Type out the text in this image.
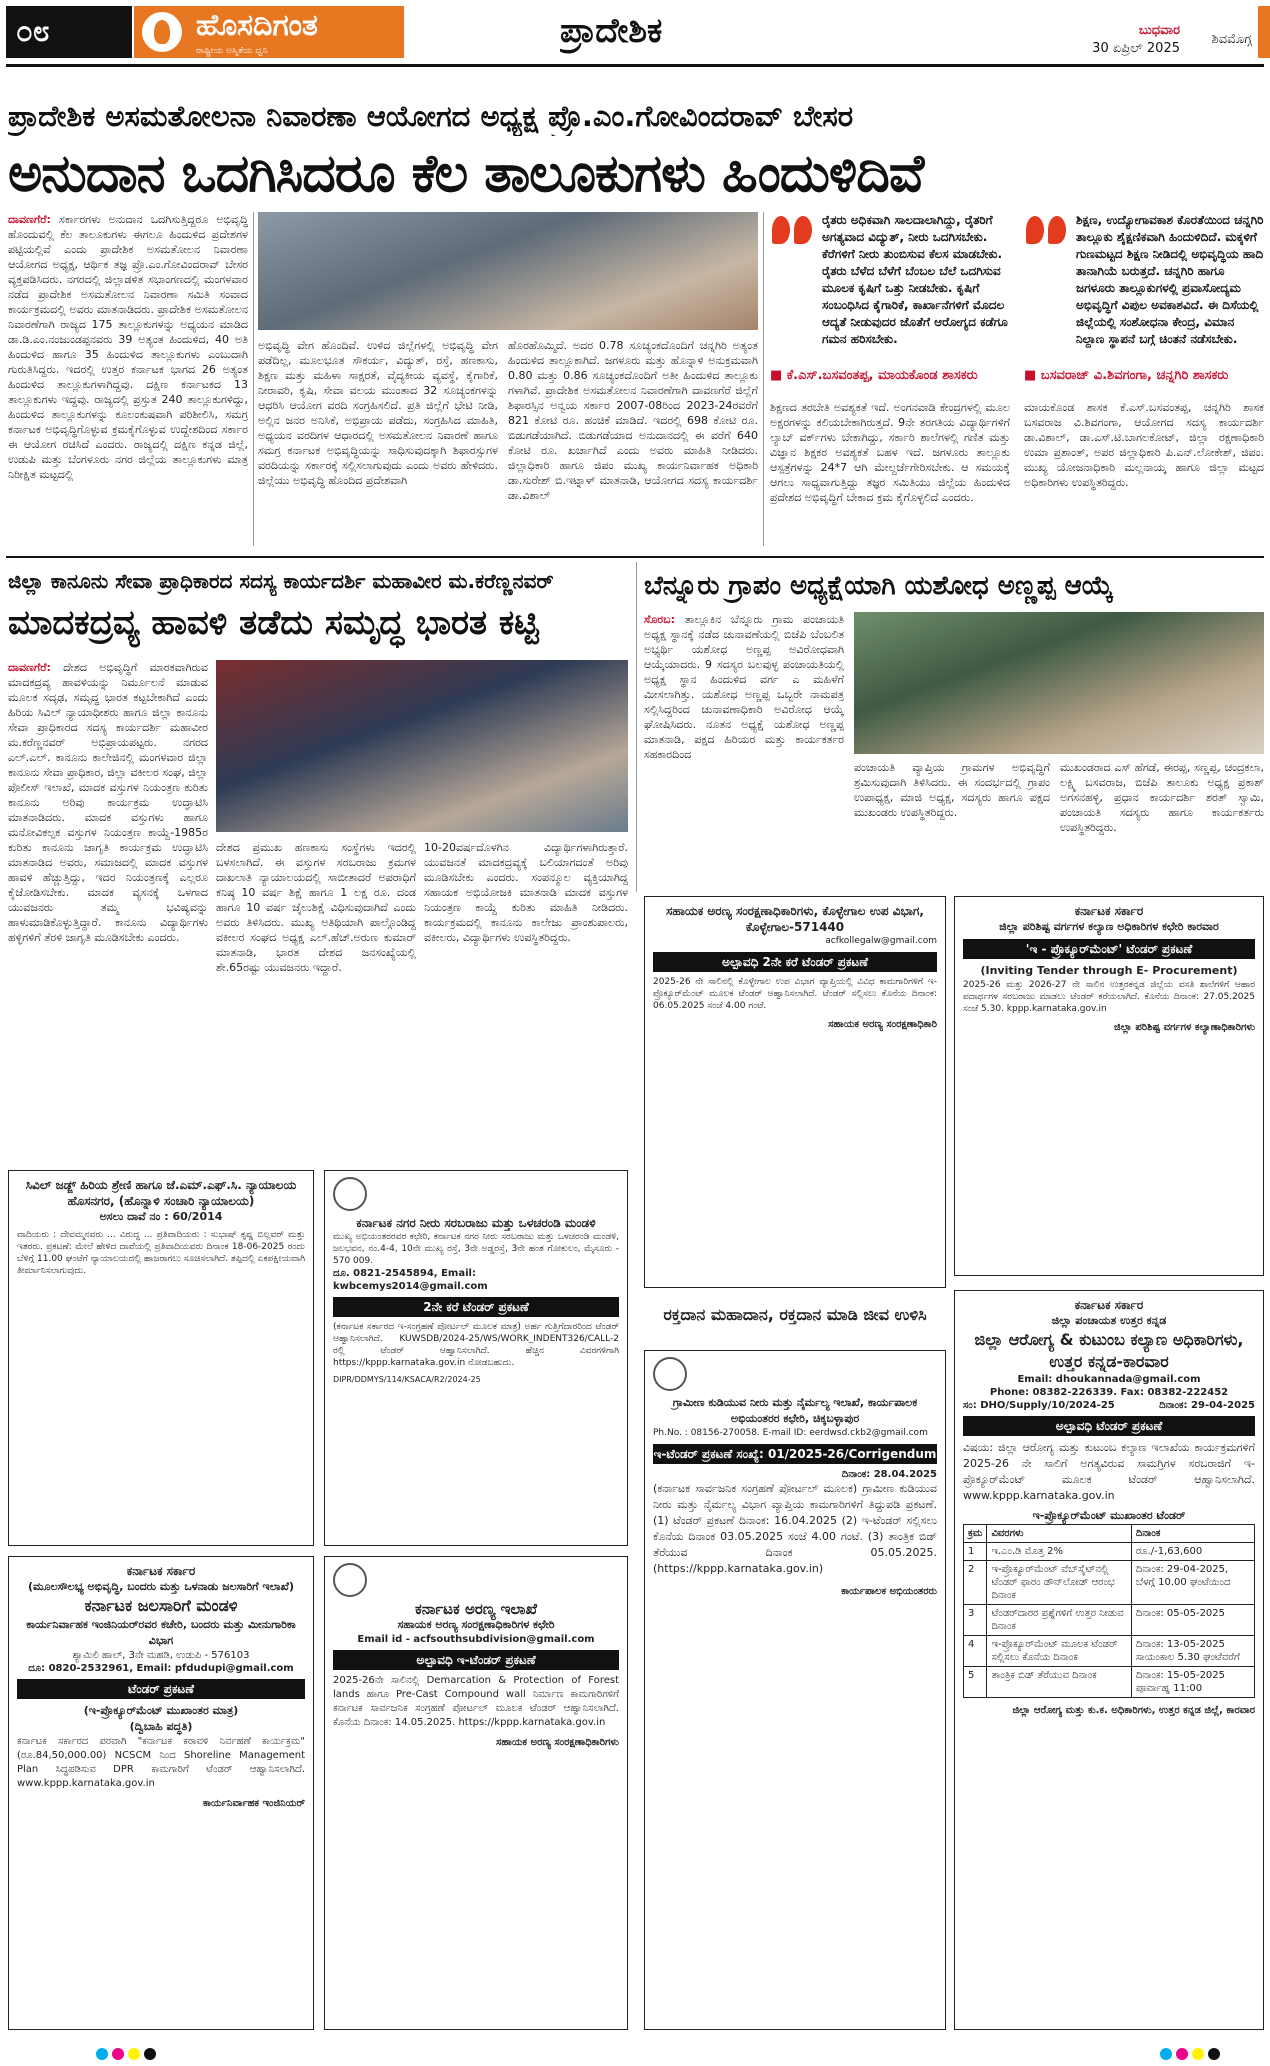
೦೮	ಹೊಸದಿಗಂತ
ರಾಷ್ಟ್ರೀಯ ಅಸ್ಮಿತೆಯ ಧ್ವನಿ	ಪ್ರಾದೇಶಿಕ	ಬುಧವಾರ
30 ಏಪ್ರಿಲ್ 2025
ಶಿವಮೊಗ್ಗ
ಪ್ರಾದೇಶಿಕ ಅಸಮತೋಲನಾ ನಿವಾರಣಾ ಆಯೋಗದ ಅಧ್ಯಕ್ಷ ಪ್ರೊ.ಎಂ.ಗೋವಿಂದರಾವ್ ಬೇಸರ
ಅನುದಾನ ಒದಗಿಸಿದರೂ ಕೆಲ ತಾಲೂಕುಗಳು ಹಿಂದುಳಿದಿವೆ
ದಾವಣಗೆರೆ: ಸರ್ಕಾರಗಳು ಅನುದಾನ ಒದಗಿಸುತ್ತಿದ್ದರೂ ಅಭಿವೃದ್ಧಿ ಹೊಂದುವಲ್ಲಿ ಕೆಲ ತಾಲೂಕುಗಳು ಈಗಲೂ ಹಿಂದುಳಿದ ಪ್ರದೇಶಗಳ ಪಟ್ಟಿಯಲ್ಲಿವೆ ಎಂದು ಪ್ರಾದೇಶಿಕ ಅಸಮತೋಲನ ನಿವಾರಣಾ ಆಯೋಗದ ಅಧ್ಯಕ್ಷ, ಆರ್ಥಿಕ ತಜ್ಞ ಪ್ರೊ.ಎಂ.ಗೋವಿಂದರಾವ್ ಬೇಸರ ವ್ಯಕ್ತಪಡಿಸಿದರು. ನಗರದಲ್ಲಿ ಜಿಲ್ಲಾಡಳಿತ ಸಭಾಂಗಣದಲ್ಲಿ ಮಂಗಳವಾರ ನಡೆದ ಪ್ರಾದೇಶಿಕ ಅಸಮತೋಲನ ನಿವಾರಣಾ ಸಮಿತಿ ಸಂವಾದ ಕಾರ್ಯಕ್ರಮದಲ್ಲಿ ಅವರು ಮಾತನಾಡಿದರು. ಪ್ರಾದೇಶಿಕ ಅಸಮತೋಲನ ನಿವಾರಣೆಗಾಗಿ ರಾಜ್ಯದ 175 ತಾಲ್ಲೂಕುಗಳನ್ನು ಅಧ್ಯಯನ ಮಾಡಿದ ಡಾ.ಡಿ.ಎಂ.ನಂಜುಂಡಪ್ಪನವರು 39 ಅತ್ಯಂತ ಹಿಂದುಳಿದ, 40 ಅತಿ ಹಿಂದುಳಿದ ಹಾಗೂ 35 ಹಿಂದುಳಿದ ತಾಲ್ಲೂಕುಗಳು ಎಂಬುದಾಗಿ ಗುರುತಿಸಿದ್ದರು. ಇದರಲ್ಲಿ ಉತ್ತರ ಕರ್ನಾಟಕ ಭಾಗದ 26 ಅತ್ಯಂತ ಹಿಂದುಳಿದ ತಾಲ್ಲೂಕುಗಳಾಗಿದ್ದವು. ದಕ್ಷಿಣ ಕರ್ನಾಟಕದ 13 ತಾಲ್ಲೂಕುಗಳು ಇದ್ದವು. ರಾಜ್ಯದಲ್ಲಿ ಪ್ರಸ್ತುತ 240 ತಾಲ್ಲೂಕುಗಳಿದ್ದು, ಹಿಂದುಳಿದ ತಾಲ್ಲೂಕುಗಳನ್ನು ಕೂಲಂಕುಷವಾಗಿ ಪರಿಶೀಲಿಸಿ, ಸಮಗ್ರ ಕರ್ನಾಟಕ ಅಭಿವೃದ್ಧಿಗೊಳ್ಳುವ ಕ್ರಮಕೈಗೊಳ್ಳುವ ಉದ್ದೇಶದಿಂದ ಸರ್ಕಾರ ಈ ಆಯೋಗ ರಚಿಸಿದೆ ಎಂದರು. ರಾಜ್ಯದಲ್ಲಿ ದಕ್ಷಿಣ ಕನ್ನಡ ಜಿಲ್ಲೆ, ಉಡುಪಿ ಮತ್ತು ಬೆಂಗಳೂರು ನಗರ ಜಿಲ್ಲೆಯ ತಾಲ್ಲೂಕುಗಳು ಮಾತ್ರ ನಿರೀಕ್ಷಿತ ಮಟ್ಟದಲ್ಲಿ
ಅಭಿವೃದ್ಧಿ ವೇಗ ಹೊಂದಿವೆ. ಉಳಿದ ಜಿಲ್ಲೆಗಳಲ್ಲಿ ಅಭಿವೃದ್ಧಿ ವೇಗ ಪಡೆದಿಲ್ಲ, ಮೂಲಭೂತ ಸೌಕರ್ಯ, ವಿದ್ಯುತ್, ರಸ್ತೆ, ಹಣಕಾಸು, ಶಿಕ್ಷಣ ಮತ್ತು ಮಹಿಳಾ ಸಾಕ್ಷರತೆ, ವೈದ್ಯಕೀಯ ವ್ಯವಸ್ಥೆ, ಕೈಗಾರಿಕೆ, ನೀರಾವರಿ, ಕೃಷಿ, ಸೇವಾ ವಲಯ ಮುಂತಾದ 32 ಸೂಚ್ಯಂಕಗಳನ್ನು ಆಧರಿಸಿ ಆಯೋಗ ವರದಿ ಸಂಗ್ರಹಿಸಲಿದೆ. ಪ್ರತಿ ಜಿಲ್ಲೆಗೆ ಭೇಟಿ ನೀಡಿ, ಅಲ್ಲಿನ ಜನರ ಅನಿಸಿಕೆ, ಅಭಿಪ್ರಾಯ ಪಡೆದು, ಸಂಗ್ರಹಿಸಿದ ಮಾಹಿತಿ, ಅಧ್ಯಯನ ವರದಿಗಳ ಆಧಾರದಲ್ಲಿ ಅಸಮತೋಲನ ನಿವಾರಣೆ ಹಾಗೂ ಸಮಗ್ರ ಕರ್ನಾಟಕ ಅಭಿವೃದ್ಧಿಯನ್ನು ಸಾಧಿಸುವುದಕ್ಕಾಗಿ ಶಿಫಾರಸ್ಸುಗಳ ವರದಿಯನ್ನು ಸರ್ಕಾರಕ್ಕೆ ಸಲ್ಲಿಸಲಾಗುವುದು ಎಂದು ಅವರು ಹೇಳಿದರು. ಜಿಲ್ಲೆಯು ಅಭಿವೃದ್ಧಿ ಹೊಂದಿದ ಪ್ರದೇಶವಾಗಿ
ಹೊರಹೊಮ್ಮಿದೆ. ಅದರ 0.78 ಸೂಚ್ಯಂಕದೊಂದಿಗೆ ಚನ್ನಗಿರಿ ಅತ್ಯಂತ ಹಿಂದುಳಿದ ತಾಲ್ಲೂಕಾಗಿದೆ. ಜಗಳೂರು ಮತ್ತು ಹೊನ್ನಾಳಿ ಅನುಕ್ರಮವಾಗಿ 0.80 ಮತ್ತು 0.86 ಸೂಚ್ಯಂಕದೊಂದಿಗೆ ಅತೀ ಹಿಂದುಳಿದ ತಾಲ್ಲೂಕು ಗಳಾಗಿವೆ. ಪ್ರಾದೇಶಿಕ ಅಸಮತೋಲನ ನಿವಾರಣೆಗಾಗಿ ದಾವಣಗೆರೆ ಜಿಲ್ಲೆಗೆ ಶಿಫಾರಸ್ಸಿನ ಅನ್ವಯ ಸರ್ಕಾರ 2007-08ರಿಂದ 2023-24ರವರೆಗೆ 821 ಕೋಟಿ ರೂ. ಹಂಚಿಕೆ ಮಾಡಿದೆ. ಇದರಲ್ಲಿ 698 ಕೋಟಿ ರೂ. ಬಿಡುಗಡೆಯಾಗಿದೆ. ಬಿಡುಗಡೆಯಾದ ಅನುದಾನದಲ್ಲಿ ಈ ವರೆಗೆ 640 ಕೋಟಿ ರೂ. ಖರ್ಚಾಗಿದೆ ಎಂದು ಅವರು ಮಾಹಿತಿ ನೀಡಿದರು. ಜಿಲ್ಲಾಧಿಕಾರಿ ಹಾಗೂ ಜಿಪಂ ಮುಖ್ಯ ಕಾರ್ಯನಿರ್ವಾಹಕ ಅಧಿಕಾರಿ ಡಾ.ಸುರೇಶ್ ಬಿ.ಇಟ್ನಾಳ್ ಮಾತನಾಡಿ, ಆಯೋಗದ ಸದಸ್ಯ ಕಾರ್ಯದರ್ಶಿ ಡಾ.ವಿಶಾಲ್
ರೈತರು ಅಧಿಕವಾಗಿ ಸಾಲದಾಲಾಗಿದ್ದು, ರೈತರಿಗೆ ಅಗತ್ಯವಾದ ವಿದ್ಯುತ್, ನೀರು ಒದಗಿಸಬೇಕು. ಕೆರೆಗಳಿಗೆ ನೀರು ತುಂಬಿಸುವ ಕೆಲಸ ಮಾಡಬೇಕು. ರೈತರು ಬೆಳೆದ ಬೆಳೆಗೆ ಬೆಂಬಲ ಬೆಲೆ ಒದಗಿಸುವ ಮೂಲಕ ಕೃಷಿಗೆ ಒತ್ತು ನೀಡಬೇಕು. ಕೃಷಿಗೆ ಸಂಬಂಧಿಸಿದ ಕೈಗಾರಿಕೆ, ಕಾರ್ಖಾನೆಗಳಿಗೆ ಮೊದಲ ಆದ್ಯತೆ ನೀಡುವುದರ ಜೊತೆಗೆ ಆರೋಗ್ಯದ ಕಡೆಗೂ ಗಮನ ಹರಿಸಬೇಕು.
■ ಕೆ.ಎಸ್.ಬಸವಂತಪ್ಪ, ಮಾಯಕೊಂಡ ಶಾಸಕರು
ಶಿಕ್ಷಣ, ಉದ್ಯೋಗಾವಕಾಶ ಕೊರತೆಯಿಂದ ಚನ್ನಗಿರಿ ತಾಲ್ಲೂಕು ಶೈಕ್ಷಣಿಕವಾಗಿ ಹಿಂದುಳಿದಿದೆ. ಮಕ್ಕಳಿಗೆ ಗುಣಮಟ್ಟದ ಶಿಕ್ಷಣ ನೀಡಿದಲ್ಲಿ ಅಭಿವೃದ್ಧಿಯ ಹಾದಿ ತಾನಾಗಿಯೆ ಬರುತ್ತದೆ. ಚನ್ನಗಿರಿ ಹಾಗೂ ಜಗಳೂರು ತಾಲ್ಲೂಕುಗಳಲ್ಲಿ ಪ್ರವಾಸೋದ್ಯಮ ಅಭಿವೃದ್ಧಿಗೆ ವಿಪುಲ ಅವಕಾಶವಿದೆ. ಈ ದಿಸೆಯಲ್ಲಿ ಜಿಲ್ಲೆಯಲ್ಲಿ ಸಂಶೋಧನಾ ಕೇಂದ್ರ, ವಿಮಾನ ನಿಲ್ದಾಣ ಸ್ಥಾಪನೆ ಬಗ್ಗೆ ಚಿಂತನೆ ನಡೆಸಬೇಕು.
■ ಬಸವರಾಜ್ ವಿ.ಶಿವಗಂಗಾ, ಚನ್ನಗಿರಿ ಶಾಸಕರು
ಶಿಕ್ಷಣದ ತರಬೇತಿ ಅವಶ್ಯಕತೆ ಇದೆ. ಅಂಗನವಾಡಿ ಕೇಂದ್ರಗಳಲ್ಲಿ ಮೂಲ ಅಕ್ಷರಗಳನ್ನು ಕಲಿಯಬೇಕಾಗಿರುತ್ತದೆ. 9ನೇ ತರಗತಿಯ ವಿದ್ಯಾರ್ಥಿಗಳಿಗೆ ಲ್ಯಾಬ್ ವರ್ಕ್‌ಗಳು ಬೇಕಾಗಿದ್ದು, ಸರ್ಕಾರಿ ಶಾಲೆಗಳಲ್ಲಿ ಗಣಿತ ಮತ್ತು ವಿಜ್ಞಾನ ಶಿಕ್ಷಕರ ಅವಶ್ಯಕತೆ ಬಹಳ ಇದೆ. ಜಗಳೂರು ತಾಲ್ಲೂಕು ಆಸ್ಪತ್ರೆಗಳನ್ನು 24*7 ಆಗಿ ಮೇಲ್ದರ್ಜೆಗೇರಿಸಬೇಕು. ಆ ಸಮಯಕ್ಕೆ ಆಗಲು ಸಾಧ್ಯವಾಗುತ್ತಿದ್ದು ತಜ್ಞರ ಸಮಿತಿಯು ಜಿಲ್ಲೆಯ ಹಿಂದುಳಿದ ಪ್ರದೇಶದ ಅಭಿವೃದ್ಧಿಗೆ ಬೇಕಾದ ಕ್ರಮ ಕೈಗೊಳ್ಳಲಿದೆ ಎಂದರು.
ಮಾಯಕೊಂಡ ಶಾಸಕ ಕೆ.ಎಸ್.ಬಸವಂತಪ್ಪ, ಚನ್ನಗಿರಿ ಶಾಸಕ ಬಸವರಾಜ ವಿ.ಶಿವಗಂಗಾ, ಆಯೋಗದ ಸದಸ್ಯ ಕಾರ್ಯದರ್ಶಿ ಡಾ.ವಿಶಾಲ್, ಡಾ.ಎಸ್.ಟಿ.ಬಾಗಲಕೋಟ್, ಜಿಲ್ಲಾ ರಕ್ಷಣಾಧಿಕಾರಿ ಉಮಾ ಪ್ರಶಾಂತ್, ಅಪರ ಜಿಲ್ಲಾಧಿಕಾರಿ ಪಿ.ಎನ್.ಲೋಕೇಶ್, ಜಿಪಂ. ಮುಖ್ಯ ಯೋಜನಾಧಿಕಾರಿ ಮಲ್ಲನಾಯ್ಕ ಹಾಗೂ ಜಿಲ್ಲಾ ಮಟ್ಟದ ಅಧಿಕಾರಿಗಳು ಉಪಸ್ಥಿತರಿದ್ದರು.
ಜಿಲ್ಲಾ ಕಾನೂನು ಸೇವಾ ಪ್ರಾಧಿಕಾರದ ಸದಸ್ಯ ಕಾರ್ಯದರ್ಶಿ ಮಹಾವೀರ ಮ.ಕರೆಣ್ಣನವರ್
ಮಾದಕದ್ರವ್ಯ ಹಾವಳಿ ತಡೆದು ಸಮೃದ್ಧ ಭಾರತ ಕಟ್ಟಿ
ದಾವಣಗೆರೆ: ದೇಶದ ಅಭಿವೃದ್ಧಿಗೆ ಮಾರಕವಾಗಿರುವ ಮಾದಕದ್ರವ್ಯ ಹಾವಳಿಯನ್ನು ನಿರ್ಮೂಲನೆ ಮಾಡುವ ಮೂಲಕ ಸದೃಢ, ಸಮೃದ್ಧ ಭಾರತ ಕಟ್ಟಬೇಕಾಗಿದೆ ಎಂದು ಹಿರಿಯ ಸಿವಿಲ್ ನ್ಯಾಯಾಧೀಶರು ಹಾಗೂ ಜಿಲ್ಲಾ ಕಾನೂನು ಸೇವಾ ಪ್ರಾಧಿಕಾರದ ಸದಸ್ಯ ಕಾರ್ಯದರ್ಶಿ ಮಹಾವೀರ ಮ.ಕರೆಣ್ಣನವರ್ ಅಭಿಪ್ರಾಯಪಟ್ಟರು. ನಗರದ ಎಲ್.ಎಲ್. ಕಾನೂನು ಕಾಲೇಜಿನಲ್ಲಿ ಮಂಗಳವಾರ ಜಿಲ್ಲಾ ಕಾನೂನು ಸೇವಾ ಪ್ರಾಧಿಕಾರ, ಜಿಲ್ಲಾ ವಕೀಲರ ಸಂಘ, ಜಿಲ್ಲಾ ಪೊಲೀಸ್ ಇಲಾಖೆ, ಮಾದಕ ವಸ್ತುಗಳ ನಿಯಂತ್ರಣ ಕುರಿತು ಕಾನೂನು ಅರಿವು ಕಾರ್ಯಕ್ರಮ ಉದ್ಘಾಟಿಸಿ ಮಾತನಾಡಿದರು. ಮಾದಕ ವಸ್ತುಗಳು ಹಾಗೂ ಮನೋವಿಕಲ್ಪಕ ವಸ್ತುಗಳ ನಿಯಂತ್ರಣ ಕಾಯ್ದೆ-1985ರ ಕುರಿತು ಕಾನೂನು ಜಾಗೃತಿ ಕಾರ್ಯಕ್ರಮ ಉದ್ಘಾಟಿಸಿ ಮಾತನಾಡಿದ ಅವರು, ಸಮಾಜದಲ್ಲಿ ಮಾದಕ ವಸ್ತುಗಳ ಹಾವಳಿ ಹೆಚ್ಚುತ್ತಿದ್ದು, ಇದರ ನಿಯಂತ್ರಣಕ್ಕೆ ಎಲ್ಲರೂ ಕೈಜೋಡಿಸಬೇಕು. ಮಾದಕ ವ್ಯಸನಕ್ಕೆ ಒಳಗಾದ ಯುವಜನರು ತಮ್ಮ ಭವಿಷ್ಯವನ್ನು ಹಾಳುಮಾಡಿಕೊಳ್ಳುತ್ತಿದ್ದಾರೆ. ಕಾನೂನು ವಿದ್ಯಾರ್ಥಿಗಳು ಹಳ್ಳಿಗಳಿಗೆ ತೆರಳಿ ಜಾಗೃತಿ ಮೂಡಿಸಬೇಕು ಎಂದರು.
ದೇಶದ ಪ್ರಮುಖ ಹಣಕಾಸು ಸಂಸ್ಥೆಗಳು ಇದರಲ್ಲಿ ಬಳಸಲಾಗಿದೆ. ಈ ವಸ್ತುಗಳ ಸರಬರಾಜು ಕ್ರಮಗಳ ದಾಖಲಾತಿ ನ್ಯಾಯಾಲಯದಲ್ಲಿ ಸಾಬೀತಾದರೆ ಅಪರಾಧಿಗೆ ಕನಿಷ್ಠ 10 ವರ್ಷ ಶಿಕ್ಷೆ ಹಾಗೂ 1 ಲಕ್ಷ ರೂ. ದಂಡ ಹಾಗೂ 10 ವರ್ಷ ಜೈಲುಶಿಕ್ಷೆ ವಿಧಿಸುವುದಾಗಿದೆ ಎಂದು ಅವರು ತಿಳಿಸಿದರು. ಮುಖ್ಯ ಅತಿಥಿಯಾಗಿ ಪಾಲ್ಗೊಂಡಿದ್ದ ವಕೀಲರ ಸಂಘದ ಅಧ್ಯಕ್ಷ ಎಲ್.ಹೆಚ್.ಅರುಣ ಕುಮಾರ್ ಮಾತನಾಡಿ, ಭಾರತ ದೇಶದ ಜನಸಂಖ್ಯೆಯಲ್ಲಿ ಶೇ.65ರಷ್ಟು ಯುವಜನರು ಇದ್ದಾರೆ.
10-20ವರ್ಷದೊಳಗಿನ ವಿದ್ಯಾರ್ಥಿಗಳಾಗಿರುತ್ತಾರೆ. ಯುವಜನತೆ ಮಾದಕದ್ರವ್ಯಕ್ಕೆ ಬಲಿಯಾಗದಂತೆ ಅರಿವು ಮೂಡಿಸಬೇಕು ಎಂದರು. ಸಂಪನ್ಮೂಲ ವ್ಯಕ್ತಿಯಾಗಿದ್ದ ಸಹಾಯಕ ಅಭಿಯೋಜಕಿ ಮಾತನಾಡಿ ಮಾದಕ ವಸ್ತುಗಳ ನಿಯಂತ್ರಣ ಕಾಯ್ದೆ ಕುರಿತು ಮಾಹಿತಿ ನೀಡಿದರು. ಕಾರ್ಯಕ್ರಮದಲ್ಲಿ ಕಾನೂನು ಕಾಲೇಜು ಪ್ರಾಂಶುಪಾಲರು, ವಕೀಲರು, ವಿದ್ಯಾರ್ಥಿಗಳು ಉಪಸ್ಥಿತರಿದ್ದರು.
ಬೆನ್ನೂರು ಗ್ರಾಪಂ ಅಧ್ಯಕ್ಷೆಯಾಗಿ ಯಶೋಧ ಅಣ್ಣಪ್ಪ ಆಯ್ಕೆ
ಸೊರಬ: ತಾಲ್ಲೂಕಿನ ಬೆನ್ನೂರು ಗ್ರಾಮ ಪಂಚಾಯತಿ ಅಧ್ಯಕ್ಷ ಸ್ಥಾನಕ್ಕೆ ನಡೆದ ಚುನಾವಣೆಯಲ್ಲಿ ಬಿಜೆಪಿ ಬೆಂಬಲಿತ ಅಭ್ಯರ್ಥಿ ಯಶೋಧ ಅಣ್ಣಪ್ಪ ಅವಿರೋಧವಾಗಿ ಆಯ್ಕೆಯಾದರು. 9 ಸದಸ್ಯರ ಬಲವುಳ್ಳ ಪಂಚಾಯತಿಯಲ್ಲಿ ಅಧ್ಯಕ್ಷ ಸ್ಥಾನ ಹಿಂದುಳಿದ ವರ್ಗ ಎ ಮಹಿಳೆಗೆ ಮೀಸಲಾಗಿತ್ತು. ಯಶೋಧ ಅಣ್ಣಪ್ಪ ಒಬ್ಬರೇ ನಾಮಪತ್ರ ಸಲ್ಲಿಸಿದ್ದರಿಂದ ಚುನಾವಣಾಧಿಕಾರಿ ಅವಿರೋಧ ಆಯ್ಕೆ ಘೋಷಿಸಿದರು. ನೂತನ ಅಧ್ಯಕ್ಷೆ ಯಶೋಧ ಅಣ್ಣಪ್ಪ ಮಾತನಾಡಿ, ಪಕ್ಷದ ಹಿರಿಯರ ಮತ್ತು ಕಾರ್ಯಕರ್ತರ ಸಹಕಾರದಿಂದ
ಪಂಚಾಯತಿ ವ್ಯಾಪ್ತಿಯ ಗ್ರಾಮಗಳ ಅಭಿವೃದ್ಧಿಗೆ ಶ್ರಮಿಸುವುದಾಗಿ ತಿಳಿಸಿದರು. ಈ ಸಂದರ್ಭದಲ್ಲಿ ಗ್ರಾಪಂ ಉಪಾಧ್ಯಕ್ಷ, ಮಾಜಿ ಅಧ್ಯಕ್ಷ, ಸದಸ್ಯರು ಹಾಗೂ ಪಕ್ಷದ ಮುಖಂಡರು ಉಪಸ್ಥಿತರಿದ್ದರು.
ಮುಖಂಡರಾದ ಎಸ್ ಹೆಗಡೆ, ಈರಪ್ಪ, ಸಣ್ಣಪ್ಪ, ಚಂದ್ರಕಲಾ, ಲಕ್ಷ್ಮಿ ಬಸವರಾಜ, ಬಿಜೆಪಿ ತಾಲೂಕು ಅಧ್ಯಕ್ಷ ಪ್ರಕಾಶ್ ಅಗಸನಹಳ್ಳಿ, ಪ್ರಧಾನ ಕಾರ್ಯದರ್ಶಿ ಶರತ್ ಸ್ವಾಮಿ, ಪಂಚಾಯತಿ ಸದಸ್ಯರು ಹಾಗೂ ಕಾರ್ಯಕರ್ತರು ಉಪಸ್ಥಿತರಿದ್ದರು.
ಸಹಾಯಕ ಅರಣ್ಯ ಸಂರಕ್ಷಣಾಧಿಕಾರಿಗಳು, ಕೊಳ್ಳೇಗಾಲ ಉಪ ವಿಭಾಗ, ಕೊಳ್ಳೇಗಾಲ-571440
acfkollegalw@gmail.com
ಅಲ್ಪಾವಧಿ 2ನೇ ಕರೆ ಟೆಂಡರ್ ಪ್ರಕಟಣೆ
2025-26 ನೇ ಸಾಲಿನಲ್ಲಿ ಕೊಳ್ಳೇಗಾಲ ಉಪ ವಿಭಾಗ ವ್ಯಾಪ್ತಿಯಲ್ಲಿ ವಿವಿಧ ಕಾಮಗಾರಿಗಳಿಗೆ ಇ-ಪ್ರೊಕ್ಯೂರ್‌ಮೆಂಟ್ ಮೂಲಕ ಟೆಂಡರ್ ಆಹ್ವಾನಿಸಲಾಗಿದೆ. ಟೆಂಡರ್ ಸಲ್ಲಿಸಲು ಕೊನೆಯ ದಿನಾಂಕ: 06.05.2025 ಸಂಜೆ 4.00 ಗಂಟೆ.
ಸಹಾಯಕ ಅರಣ್ಯ ಸಂರಕ್ಷಣಾಧಿಕಾರಿ
ಕರ್ನಾಟಕ ಸರ್ಕಾರ
ಜಿಲ್ಲಾ ಪರಿಶಿಷ್ಟ ವರ್ಗಗಳ ಕಲ್ಯಾಣ ಅಧಿಕಾರಿಗಳ ಕಛೇರಿ ಕಾರವಾರ
'ಇ - ಪ್ರೊಕ್ಯೂರ್‌ಮೆಂಟ್' ಟೆಂಡರ್ ಪ್ರಕಟಣೆ
(Inviting Tender through E- Procurement)
2025-26 ಮತ್ತು 2026-27 ನೇ ಸಾಲಿನ ಉತ್ತರಕನ್ನಡ ಜಿಲ್ಲೆಯ ವಸತಿ ಶಾಲೆಗಳಿಗೆ ಆಹಾರ ಪದಾರ್ಥಗಳ ಸರಬರಾಜು ಮಾಡಲು ಟೆಂಡರ್ ಕರೆಯಲಾಗಿದೆ. ಕೊನೆಯ ದಿನಾಂಕ: 27.05.2025 ಸಂಜೆ 5.30. kppp.karnataka.gov.in
ಜಿಲ್ಲಾ ಪರಿಶಿಷ್ಟ ವರ್ಗಗಳ ಕಲ್ಯಾಣಾಧಿಕಾರಿಗಳು
ಸಿವಿಲ್ ಜಡ್ಜ್ ಹಿರಿಯ ಶ್ರೇಣಿ ಹಾಗೂ ಜೆ.ಎಮ್.ಎಫ್.ಸಿ. ನ್ಯಾಯಾಲಯ ಹೊಸನಗರ, (ಹೊನ್ನಾಳಿ ಸಂಚಾರಿ ನ್ಯಾಯಾಲಯ)
ಅಸಲು ದಾವೆ ನಂ : 60/2014
ವಾದಿಯರು : ದೇವಮ್ಮನವರು ... ವಿರುದ್ಧ ... ಪ್ರತಿವಾದಿಯರು : ಸುಭಾಷ್ ಕೃಷ್ಣ ಬಿಲ್ಲವರ್ ಮತ್ತು ಇತರರು. ಪ್ರಕಟಣೆ: ಮೇಲೆ ಹೇಳಿದ ದಾವೆಯಲ್ಲಿ ಪ್ರತಿವಾದಿಯವರು ದಿನಾಂಕ 18-06-2025 ರಂದು ಬೆಳಿಗ್ಗೆ 11.00 ಘಂಟೆಗೆ ನ್ಯಾಯಾಲಯದಲ್ಲಿ ಹಾಜರಾಗಲು ಸೂಚಿಸಲಾಗಿದೆ. ತಪ್ಪಿದಲ್ಲಿ ಏಕಪಕ್ಷೀಯವಾಗಿ ತೀರ್ಮಾನಿಸಲಾಗುವುದು.
ಕರ್ನಾಟಕ ನಗರ ನೀರು ಸರಬರಾಜು ಮತ್ತು ಒಳಚರಂಡಿ ಮಂಡಳಿ
ಮುಖ್ಯ ಅಭಿಯಂತರರವರ ಕಛೇರಿ, ಕರ್ನಾಟಕ ನಗರ ನೀರು ಸರಬರಾಜು ಮತ್ತು ಒಳಚರಂಡಿ ಮಂಡಳಿ, ಜಲಭವನ, ನಂ.4-4, 10ನೇ ಮುಖ್ಯ ರಸ್ತೆ, 3ನೇ ಅಡ್ಡರಸ್ತೆ, 3ನೇ ಹಂತ ಗೋಕುಲಂ, ಮೈಸೂರು - 570 009.
ದೂ. 0821-2545894, Email: kwbcemys2014@gmail.com
2ನೇ ಕರೆ ಟೆಂಡರ್ ಪ್ರಕಟಣೆ
(ಕರ್ನಾಟಕ ಸರ್ಕಾರದ ಇ-ಸಂಗ್ರಹಣೆ ಪೋರ್ಟಲ್ ಮೂಲಕ ಮಾತ್ರ) ಅರ್ಹ ಗುತ್ತಿಗೆದಾರರಿಂದ ಟೆಂಡರ್ ಆಹ್ವಾನಿಸಲಾಗಿದೆ. KUWSDB/2024-25/WS/WORK_INDENT326/CALL-2 ರಲ್ಲಿ ಟೆಂಡರ್ ಆಹ್ವಾನಿಸಲಾಗಿದೆ. ಹೆಚ್ಚಿನ ವಿವರಗಳಿಗಾಗಿ https://kppp.karnataka.gov.in ನೋಡಬಹುದು.
DIPR/DDMYS/114/KSACA/R2/2024-25
ರಕ್ತದಾನ ಮಹಾದಾನ, ರಕ್ತದಾನ ಮಾಡಿ ಜೀವ ಉಳಿಸಿ
ಗ್ರಾಮೀಣ ಕುಡಿಯುವ ನೀರು ಮತ್ತು ನೈರ್ಮಲ್ಯ ಇಲಾಖೆ, ಕಾರ್ಯಪಾಲಕ ಅಭಿಯಂತರರ ಕಛೇರಿ, ಚಿಕ್ಕಬಳ್ಳಾಪುರ
Ph.No. : 08156-270058. E-mail ID: eerdwsd.ckb2@gmail.com
ಇ-ಟೆಂಡರ್ ಪ್ರಕಟಣೆ ಸಂಖ್ಯೆ: 01/2025-26/Corrigendum
ದಿನಾಂಕ: 28.04.2025
(ಕರ್ನಾಟಕ ಸಾರ್ವಜನಿಕ ಸಂಗ್ರಹಣೆ ಪೋರ್ಟಲ್ ಮೂಲಕ) ಗ್ರಾಮೀಣ ಕುಡಿಯುವ ನೀರು ಮತ್ತು ನೈರ್ಮಲ್ಯ ವಿಭಾಗ ವ್ಯಾಪ್ತಿಯ ಕಾಮಗಾರಿಗಳಿಗೆ ತಿದ್ದುಪಡಿ ಪ್ರಕಟಣೆ. (1) ಟೆಂಡರ್ ಪ್ರಕಟಣೆ ದಿನಾಂಕ: 16.04.2025 (2) ಇ-ಟೆಂಡರ್ ಸಲ್ಲಿಸಲು ಕೊನೆಯ ದಿನಾಂಕ 03.05.2025 ಸಂಜೆ 4.00 ಗಂಟೆ. (3) ತಾಂತ್ರಿಕ ಬಿಡ್ ತೆರೆಯುವ ದಿನಾಂಕ 05.05.2025. (https://kppp.karnataka.gov.in)
ಕಾರ್ಯಪಾಲಕ ಅಭಿಯಂತರರು
ಕರ್ನಾಟಕ ಸರ್ಕಾರ
ಜಿಲ್ಲಾ ಪಂಚಾಯತ ಉತ್ತರ ಕನ್ನಡ
ಜಿಲ್ಲಾ ಆರೋಗ್ಯ & ಕುಟುಂಬ ಕಲ್ಯಾಣ ಅಧಿಕಾರಿಗಳು, ಉತ್ತರ ಕನ್ನಡ-ಕಾರವಾರ
Email: dhoukannada@gmail.com
Phone: 08382-226339. Fax: 08382-222452
ಸಂ: DHO/Supply/10/2024-25	ದಿನಾಂಕ: 29-04-2025
ಅಲ್ಪಾವಧಿ ಟೆಂಡರ್ ಪ್ರಕಟಣೆ
ವಿಷಯ: ಜಿಲ್ಲಾ ಆರೋಗ್ಯ ಮತ್ತು ಕುಟುಂಬ ಕಲ್ಯಾಣ ಇಲಾಖೆಯ ಕಾರ್ಯಕ್ರಮಗಳಿಗೆ 2025-26 ನೇ ಸಾಲಿಗೆ ಅಗತ್ಯವಿರುವ ಸಾಮಗ್ರಿಗಳ ಸರಬರಾಜಿಗೆ ಇ-ಪ್ರೊಕ್ಯೂರ್‌ಮೆಂಟ್ ಮೂಲಕ ಟೆಂಡರ್ ಆಹ್ವಾನಿಸಲಾಗಿದೆ. www.kppp.karnataka.gov.in
ಇ-ಪ್ರೊಕ್ಯೂರ್‌ಮೆಂಟ್ ಮುಖಾಂತರ ಟೆಂಡರ್
ಕ್ರಮ	ವಿವರಗಳು	ದಿನಾಂಕ
1	ಇ.ಎಂ.ಡಿ ಮೊತ್ತ 2%	ರೂ./-1,63,600
2	ಇ-ಪ್ರೊಕ್ಯೂರ್‌ಮೆಂಟ್ ವೆಬ್‌ಸೈಟ್‌ನಲ್ಲಿ ಟೆಂಡರ್ ಫಾರಂ ಡೌನ್‌ಲೋಡ್ ಆರಂಭ ದಿನಾಂಕ	ದಿನಾಂಕ: 29-04-2025, ಬೆಳಗ್ಗೆ 10.00 ಘಂಟೆಯಿಂದ
3	ಟೆಂಡರ್‌ದಾರರ ಪ್ರಶ್ನೆಗಳಿಗೆ ಉತ್ತರ ನೀಡುವ ದಿನಾಂಕ	ದಿನಾಂಕ: 05-05-2025
4	ಇ-ಪ್ರೊಕ್ಯೂರ್‌ಮೆಂಟ್ ಮೂಲಕ ಟೆಂಡರ್ ಸಲ್ಲಿಸಲು ಕೊನೆಯ ದಿನಾಂಕ	ದಿನಾಂಕ: 13-05-2025 ಸಾಯಂಕಾಲ 5.30 ಘಂಟೆವರೆಗೆ
5	ತಾಂತ್ರಿಕ ಬಿಡ್ ತೆರೆಯುವ ದಿನಾಂಕ	ದಿನಾಂಕ: 15-05-2025 ಪೂರ್ವಾಹ್ನ 11:00
ಜಿಲ್ಲಾ ಆರೋಗ್ಯ ಮತ್ತು ಕು.ಕ. ಅಧಿಕಾರಿಗಳು, ಉತ್ತರ ಕನ್ನಡ ಜಿಲ್ಲೆ, ಕಾರವಾರ
ಕರ್ನಾಟಕ ಸರ್ಕಾರ
(ಮೂಲಸೌಲಭ್ಯ ಅಭಿವೃದ್ಧಿ, ಬಂದರು ಮತ್ತು ಒಳನಾಡು ಜಲಸಾರಿಗೆ ಇಲಾಖೆ)
ಕರ್ನಾಟಕ ಜಲಸಾರಿಗೆ ಮಂಡಳಿ
ಕಾರ್ಯನಿರ್ವಾಹಕ ಇಂಜಿನಿಯರ್‌ರವರ ಕಚೇರಿ, ಬಂದರು ಮತ್ತು ಮೀನುಗಾರಿಕಾ ವಿಭಾಗ
ಶ್ಯಾಮಿಲಿ ಹಾಲ್, 3ನೇ ಮಹಡಿ, ಉಡುಪಿ - 576103
ದೂ: 0820-2532961, Email: pfdudupi@gmail.com
ಟೆಂಡರ್ ಪ್ರಕಟಣೆ
(ಇ-ಪ್ರೊಕ್ಯೂರ್‌ಮೆಂಟ್ ಮುಖಾಂತರ ಮಾತ್ರ)
(ದ್ವಿಬಾಹಿ ಪದ್ಧತಿ)
ಕರ್ನಾಟಕ ಸರ್ಕಾರದ ಪರವಾಗಿ "ಕರ್ನಾಟಕ ಕರಾವಳಿ ನಿರ್ವಹಣೆ ಕಾರ್ಯಕ್ರಮ" (ರೂ.84,50,000.00) NCSCM ನಿಂದ Shoreline Management Plan ಸಿದ್ಧಪಡಿಸುವ DPR ಕಾಮಗಾರಿಗೆ ಟೆಂಡರ್ ಆಹ್ವಾನಿಸಲಾಗಿದೆ. www.kppp.karnataka.gov.in
ಕಾರ್ಯನಿರ್ವಾಹಕ ಇಂಜಿನಿಯರ್
ಕರ್ನಾಟಕ ಅರಣ್ಯ ಇಲಾಖೆ
ಸಹಾಯಕ ಅರಣ್ಯ ಸಂರಕ್ಷಣಾಧಿಕಾರಿಗಳ ಕಛೇರಿ
Email id - acfsouthsubdivision@gmail.com
ಅಲ್ಪಾವಧಿ ಇ-ಟೆಂಡರ್ ಪ್ರಕಟಣೆ
2025-26ನೇ ಸಾಲಿನಲ್ಲಿ Demarcation & Protection of Forest lands ಹಾಗೂ Pre-Cast Compound wall ನಿರ್ಮಾಣ ಕಾಮಗಾರಿಗಳಿಗೆ ಕರ್ನಾಟಕ ಸಾರ್ವಜನಿಕ ಸಂಗ್ರಹಣೆ ಪೋರ್ಟಲ್ ಮೂಲಕ ಟೆಂಡರ್ ಆಹ್ವಾನಿಸಲಾಗಿದೆ. ಕೊನೆಯ ದಿನಾಂಕ: 14.05.2025. https://kppp.karnataka.gov.in
ಸಹಾಯಕ ಅರಣ್ಯ ಸಂರಕ್ಷಣಾಧಿಕಾರಿಗಳು
